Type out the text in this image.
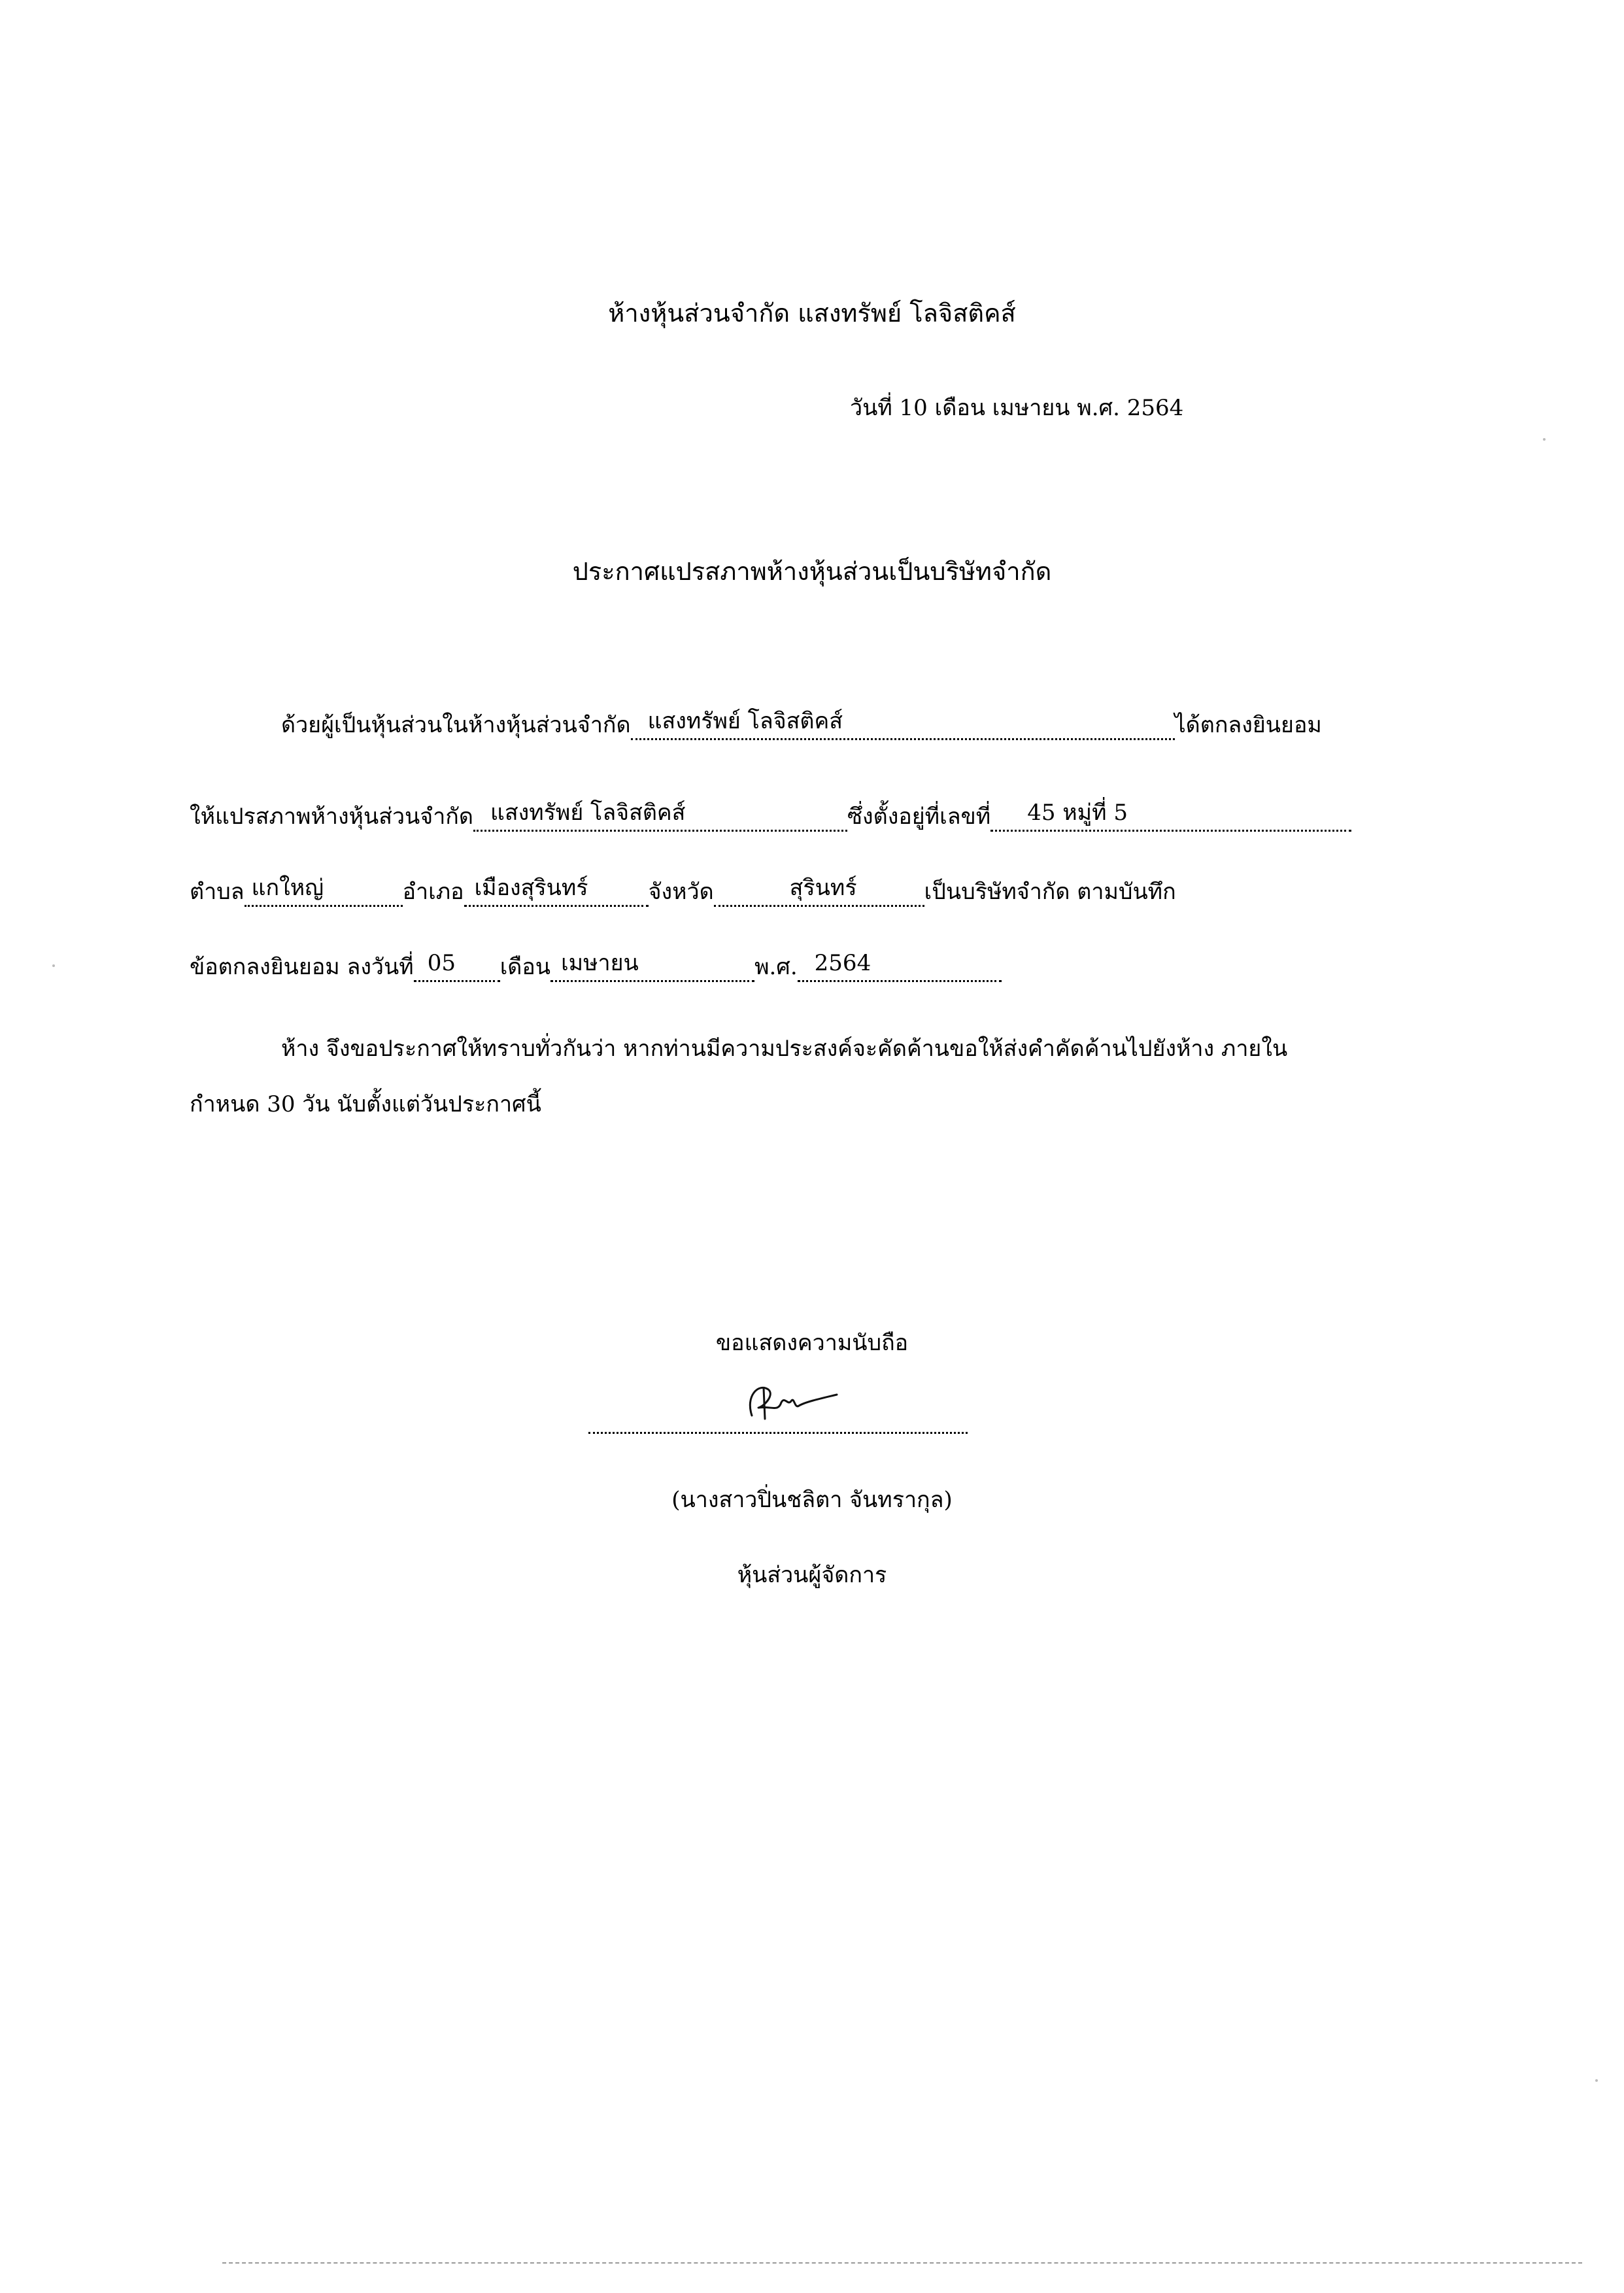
ห้างหุ้นส่วนจำกัด แสงทรัพย์ โลจิสติคส์
วันที่ 10 เดือน เมษายน พ.ศ. 2564
ประกาศแปรสภาพห้างหุ้นส่วนเป็นบริษัทจำกัด
ด้วยผู้เป็นหุ้นส่วนในห้างหุ้นส่วนจำกัด แสงทรัพย์ โลจิสติคส์	ได้ตกลงยินยอม
ให้แปรสภาพห้างหุ้นส่วนจำกัด แสงทรัพย์ โลจิสติคส์	ซึ่งตั้งอยู่ที่เลขที่ 45 หมู่ที่ 5
ตำบล แกใหญ่	อำเภอ เมืองสุรินทร์	จังหวัด	สุรินทร์	เป็นบริษัทจำกัด ตามบันทึก
ข้อตกลงยินยอม ลงวันที่ 05 เดือน เมษายน	พ.ศ. 2564
ห้าง จึงขอประกาศให้ทราบทั่วกันว่า หากท่านมีความประสงค์จะคัดค้านขอให้ส่งคำคัดค้านไปยังห้าง ภายใน
กำหนด 30 วัน นับตั้งแต่วันประกาศนี้
ขอแสดงความนับถือ
(นางสาวปิ่นชลิตา จันทรากุล)
หุ้นส่วนผู้จัดการ
